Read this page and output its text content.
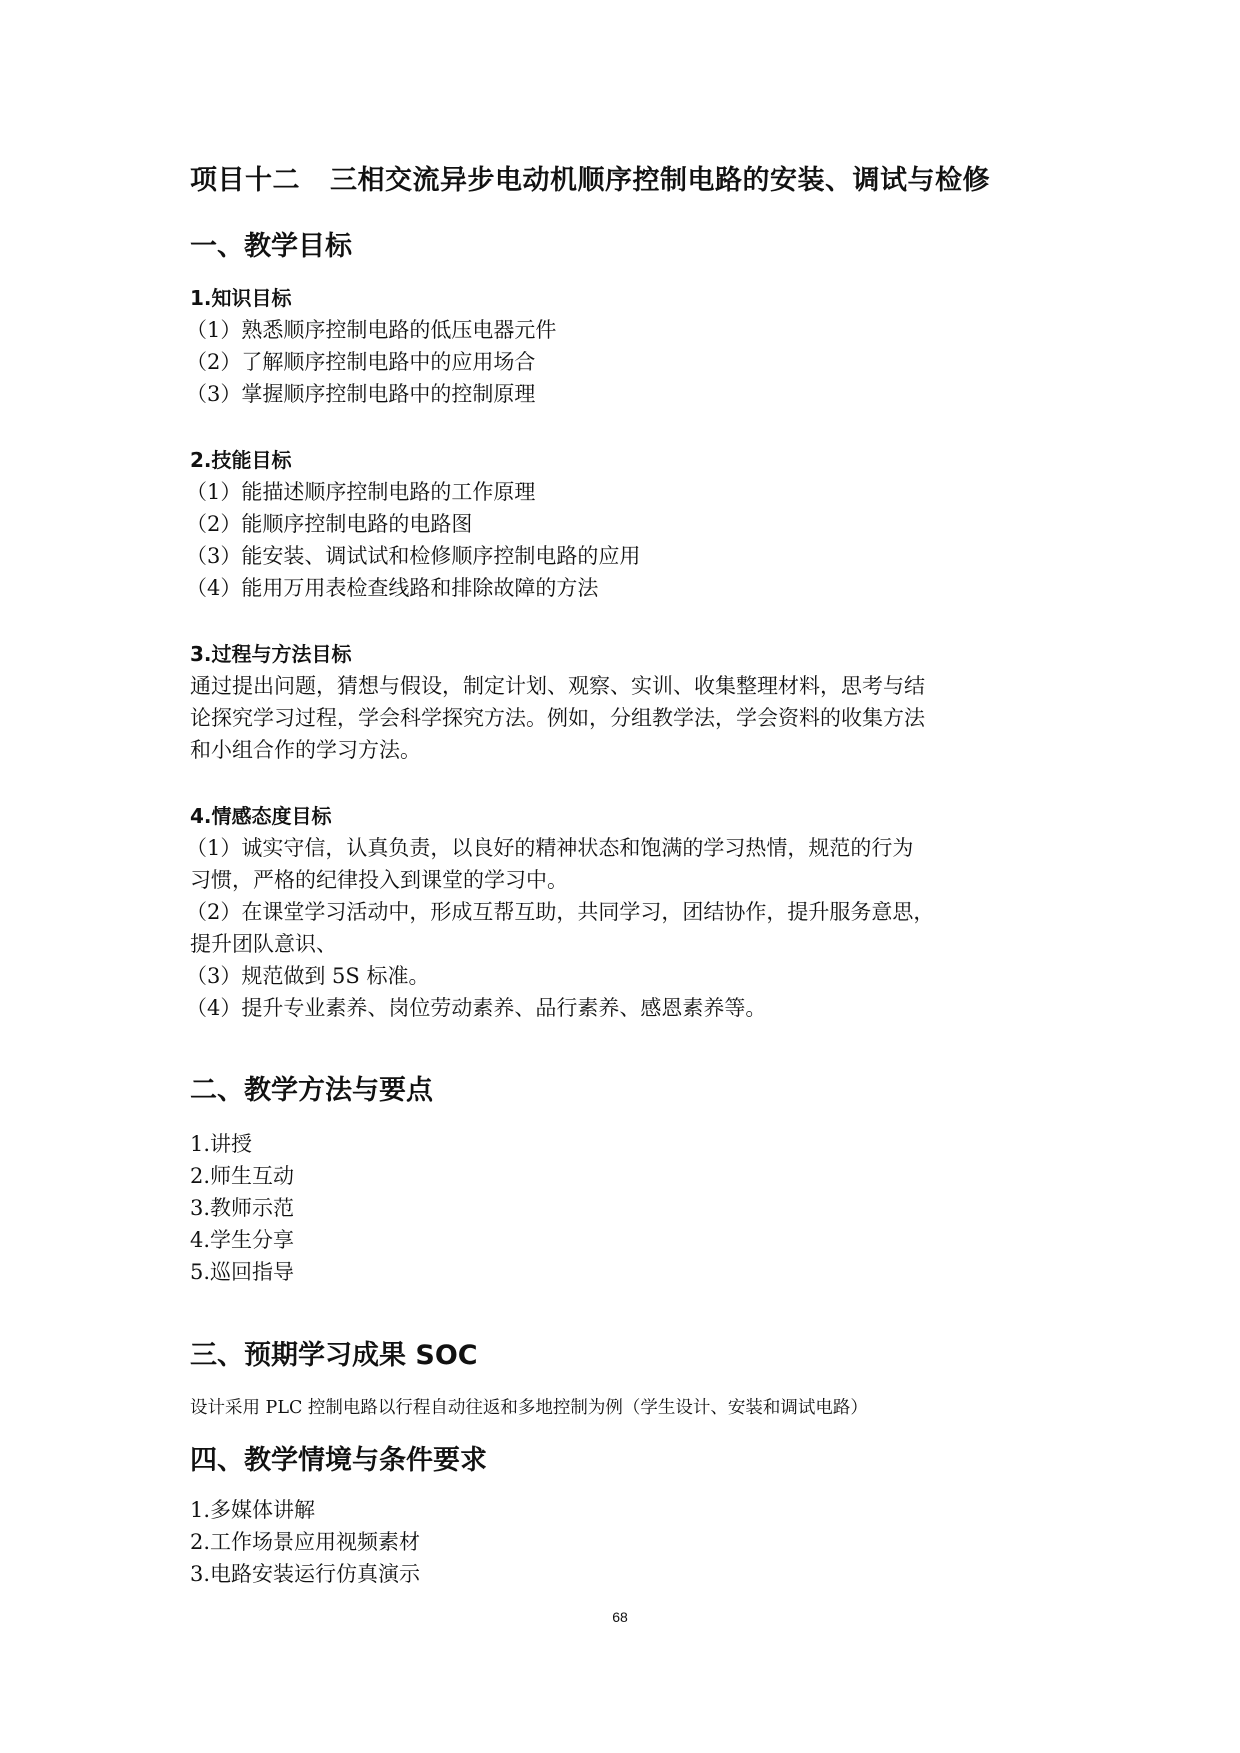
项目十二 三相交流异步电动机顺序控制电路的安装、调试与检修
一、教学目标
1.知识目标
（1）熟悉顺序控制电路的低压电器元件
（2）了解顺序控制电路中的应用场合
（3）掌握顺序控制电路中的控制原理
2.技能目标
（1）能描述顺序控制电路的工作原理
（2）能顺序控制电路的电路图
（3）能安装、调试试和检修顺序控制电路的应用
（4）能用万用表检查线路和排除故障的方法
3.过程与方法目标
通过提出问题，猜想与假设，制定计划、观察、实训、收集整理材料，思考与结
论探究学习过程，学会科学探究方法。例如，分组教学法，学会资料的收集方法
和小组合作的学习方法。
4.情感态度目标
（1）诚实守信，认真负责，以良好的精神状态和饱满的学习热情，规范的行为
习惯，严格的纪律投入到课堂的学习中。
（2）在课堂学习活动中，形成互帮互助，共同学习，团结协作，提升服务意思，
提升团队意识、
（3）规范做到 5S 标准。
（4）提升专业素养、岗位劳动素养、品行素养、感恩素养等。
二、教学方法与要点
1.讲授
2.师生互动
3.教师示范
4.学生分享
5.巡回指导
三、预期学习成果 SOC
设计采用 PLC 控制电路以行程自动往返和多地控制为例（学生设计、安装和调试电路）
四、教学情境与条件要求
1.多媒体讲解
2.工作场景应用视频素材
3.电路安装运行仿真演示
68
